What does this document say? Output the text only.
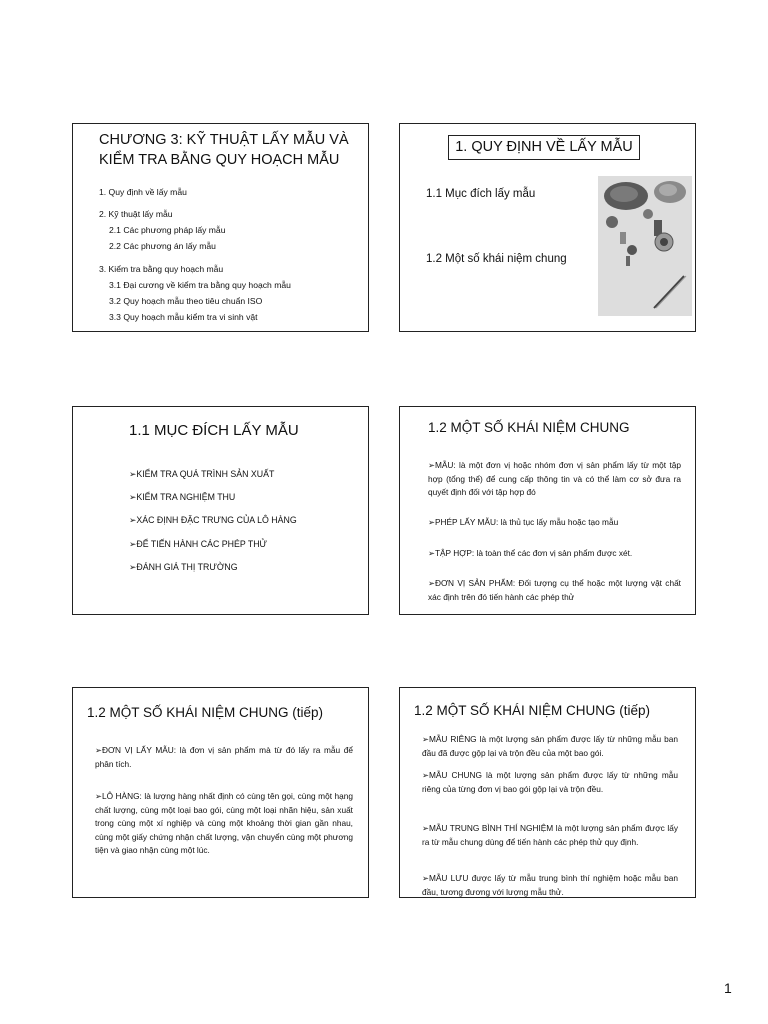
CHƯƠNG 3: KỸ THUẬT LẤY MẪU VÀ KIỂM TRA BẰNG QUY HOẠCH MẪU
1. Quy định về lấy mẫu
2. Kỹ thuật lấy mẫu
2.1 Các phương pháp lấy mẫu
2.2 Các phương án lấy mẫu
3. Kiểm tra bằng quy hoạch mẫu
3.1 Đại cương về kiểm tra bằng quy hoạch mẫu
3.2 Quy hoạch mẫu theo tiêu chuẩn ISO
3.3 Quy hoạch mẫu kiểm tra vi sinh vật
1. QUY ĐỊNH VỀ LẤY MẪU
1.1 Mục đích lấy mẫu
1.2 Một số khái niệm chung
1.1 MỤC ĐÍCH LẤY MẪU
➢KIỂM TRA QUÁ TRÌNH SẢN XUẤT
➢KIỂM TRA NGHIỆM THU
➢XÁC ĐỊNH ĐẶC TRƯNG CỦA LÔ HÀNG
➢ĐỂ TIẾN HÀNH CÁC PHÉP THỬ
➢ĐÁNH GIÁ THỊ TRƯỜNG
1.2 MỘT SỐ KHÁI NIỆM CHUNG
➢MẪU: là một đơn vị hoặc nhóm đơn vị sản phẩm lấy từ một tập hợp (tổng thể) để cung cấp thông tin và có thể làm cơ sở đưa ra quyết định đối với tập hợp đó
➢PHÉP LẤY MẪU: là thủ tục lấy mẫu hoặc tạo mẫu
➢TẬP HỢP: là toàn thể các đơn vị sản phẩm được xét.
➢ĐƠN VỊ SẢN PHẨM: Đối tượng cụ thể hoặc một lượng vật chất xác định trên đó tiến hành các phép thử
1.2 MỘT SỐ KHÁI NIỆM CHUNG (tiếp)
➢ĐƠN VỊ LẤY MẪU: là đơn vị sản phẩm mà từ đó lấy ra mẫu để phân tích.
➢LÔ HÀNG: là lượng hàng nhất định có cùng tên gọi, cùng một hạng chất lượng, cùng một loại bao gói, cùng một loại nhãn hiệu, sản xuất trong cùng một xí nghiệp và cùng một khoảng thời gian gần nhau, cùng một giấy chứng nhận chất lượng, vận chuyển cùng một phương tiện và giao nhận cùng một lúc.
1.2 MỘT SỐ KHÁI NIỆM CHUNG (tiếp)
➢MẪU RIÊNG là một lượng sản phẩm được lấy từ những mẫu ban đầu đã được gộp lại và trộn đều của một bao gói.
➢MẪU CHUNG là một lượng sản phẩm được lấy từ những mẫu riêng của từng đơn vị bao gói gộp lại và trộn đều.
➢MẪU TRUNG BÌNH THÍ NGHIỆM là một lượng sản phẩm được lấy ra từ mẫu chung dùng để tiến hành các phép thử quy định.
➢MẪU LƯU được lấy từ mẫu trung bình thí nghiệm hoặc mẫu ban đầu, tương đương với lượng mẫu thử.
1
